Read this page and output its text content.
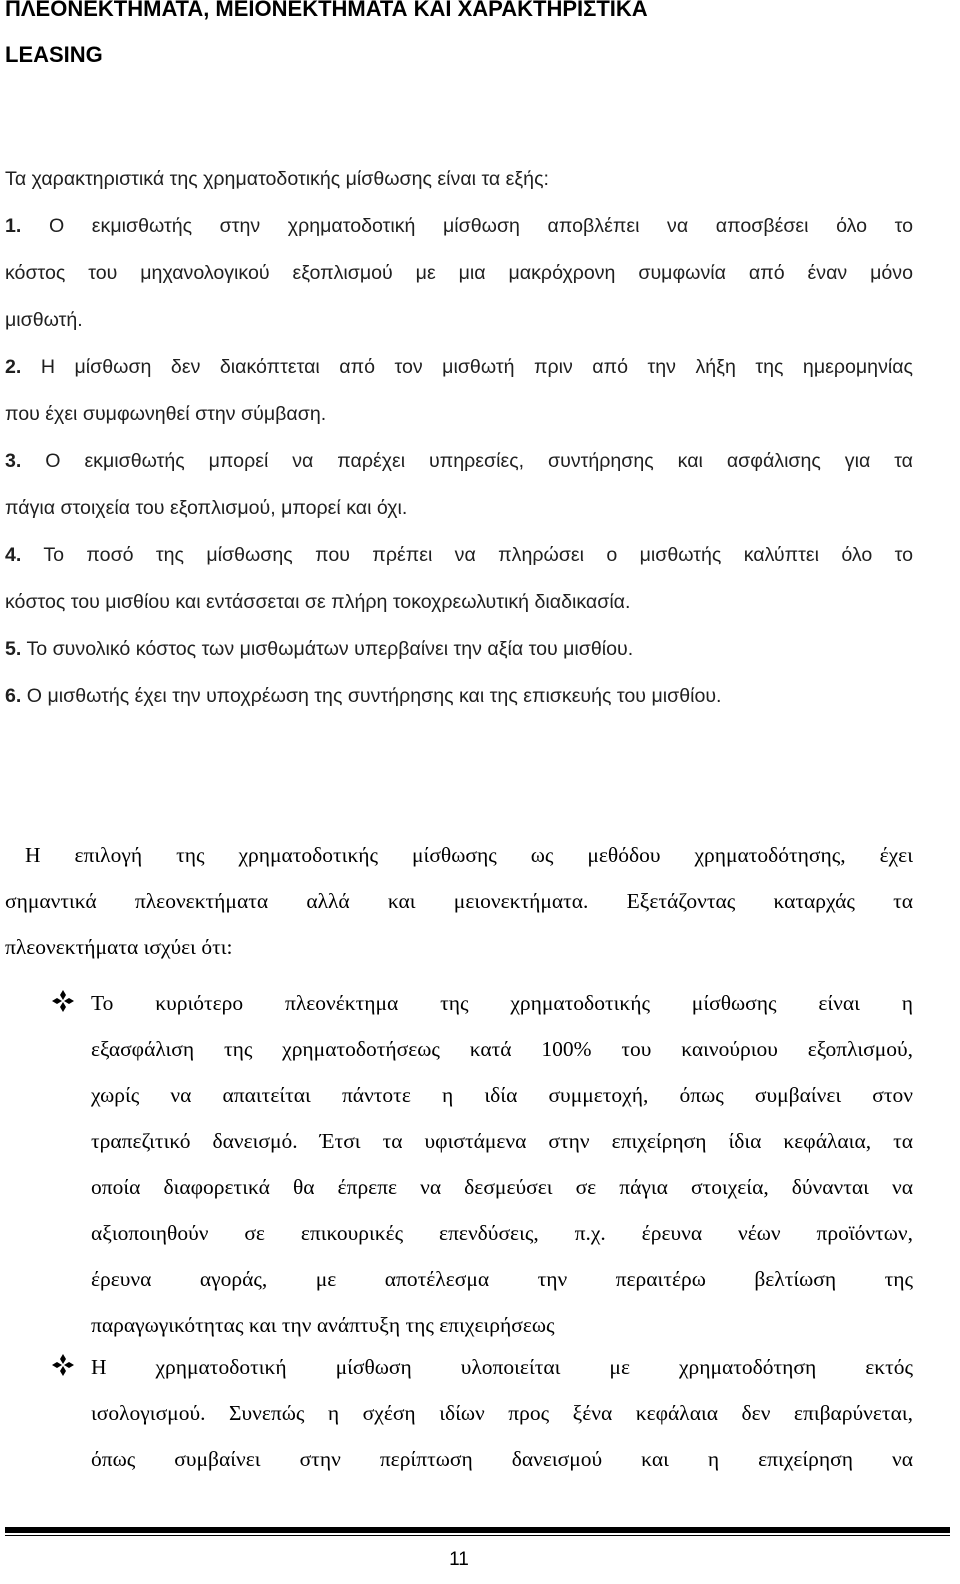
ΠΛΕΟΝΕΚΤΗΜΑΤΑ, ΜΕΙΟΝΕΚΤΗΜΑΤΑ ΚΑΙ ΧΑΡΑΚΤΗΡΙΣΤΙΚΑ
LEASING
Τα χαρακτηριστικά της χρηματοδοτικής μίσθωσης είναι τα εξής:
1. Ο εκμισθωτής στην χρηματοδοτική μίσθωση αποβλέπει να αποσβέσει όλο το
κόστος του μηχανολογικού εξοπλισμού με μια μακρόχρονη συμφωνία από έναν μόνο
μισθωτή.
2. Η μίσθωση δεν διακόπτεται από τον μισθωτή πριν από την λήξη της ημερομηνίας
που έχει συμφωνηθεί στην σύμβαση.
3. Ο εκμισθωτής μπορεί να παρέχει υπηρεσίες, συντήρησης και ασφάλισης για τα
πάγια στοιχεία του εξοπλισμού, μπορεί και όχι.
4. Το ποσό της μίσθωσης που πρέπει να πληρώσει ο μισθωτής καλύπτει όλο το
κόστος του μισθίου και εντάσσεται σε πλήρη τοκοχρεωλυτική διαδικασία.
5. Το συνολικό κόστος των μισθωμάτων υπερβαίνει την αξία του μισθίου.
6. Ο μισθωτής έχει την υποχρέωση της συντήρησης και της επισκευής του μισθίου.
Η επιλογή της χρηματοδοτικής μίσθωσης ως μεθόδου χρηματοδότησης, έχει
σημαντικά πλεονεκτήματα αλλά και μειονεκτήματα. Εξετάζοντας καταρχάς τα
πλεονεκτήματα ισχύει ότι:
Το κυριότερο πλεονέκτημα της χρηματοδοτικής μίσθωσης είναι η
εξασφάλιση της χρηματοδοτήσεως κατά 100% του καινούριου εξοπλισμού,
χωρίς να απαιτείται πάντοτε η ιδία συμμετοχή, όπως συμβαίνει στον
τραπεζιτικό δανεισμό. Έτσι τα υφιστάμενα στην επιχείρηση ίδια κεφάλαια, τα
οποία διαφορετικά θα έπρεπε να δεσμεύσει σε πάγια στοιχεία, δύνανται να
αξιοποιηθούν σε επικουρικές επενδύσεις, π.χ. έρευνα νέων προϊόντων,
έρευνα αγοράς, με αποτέλεσμα την περαιτέρω βελτίωση της
παραγωγικότητας και την ανάπτυξη της επιχειρήσεως
Η χρηματοδοτική μίσθωση υλοποιείται με χρηματοδότηση εκτός
ισολογισμού. Συνεπώς η σχέση ιδίων προς ξένα κεφάλαια δεν επιβαρύνεται,
όπως συμβαίνει στην περίπτωση δανεισμού και η επιχείρηση να
11
